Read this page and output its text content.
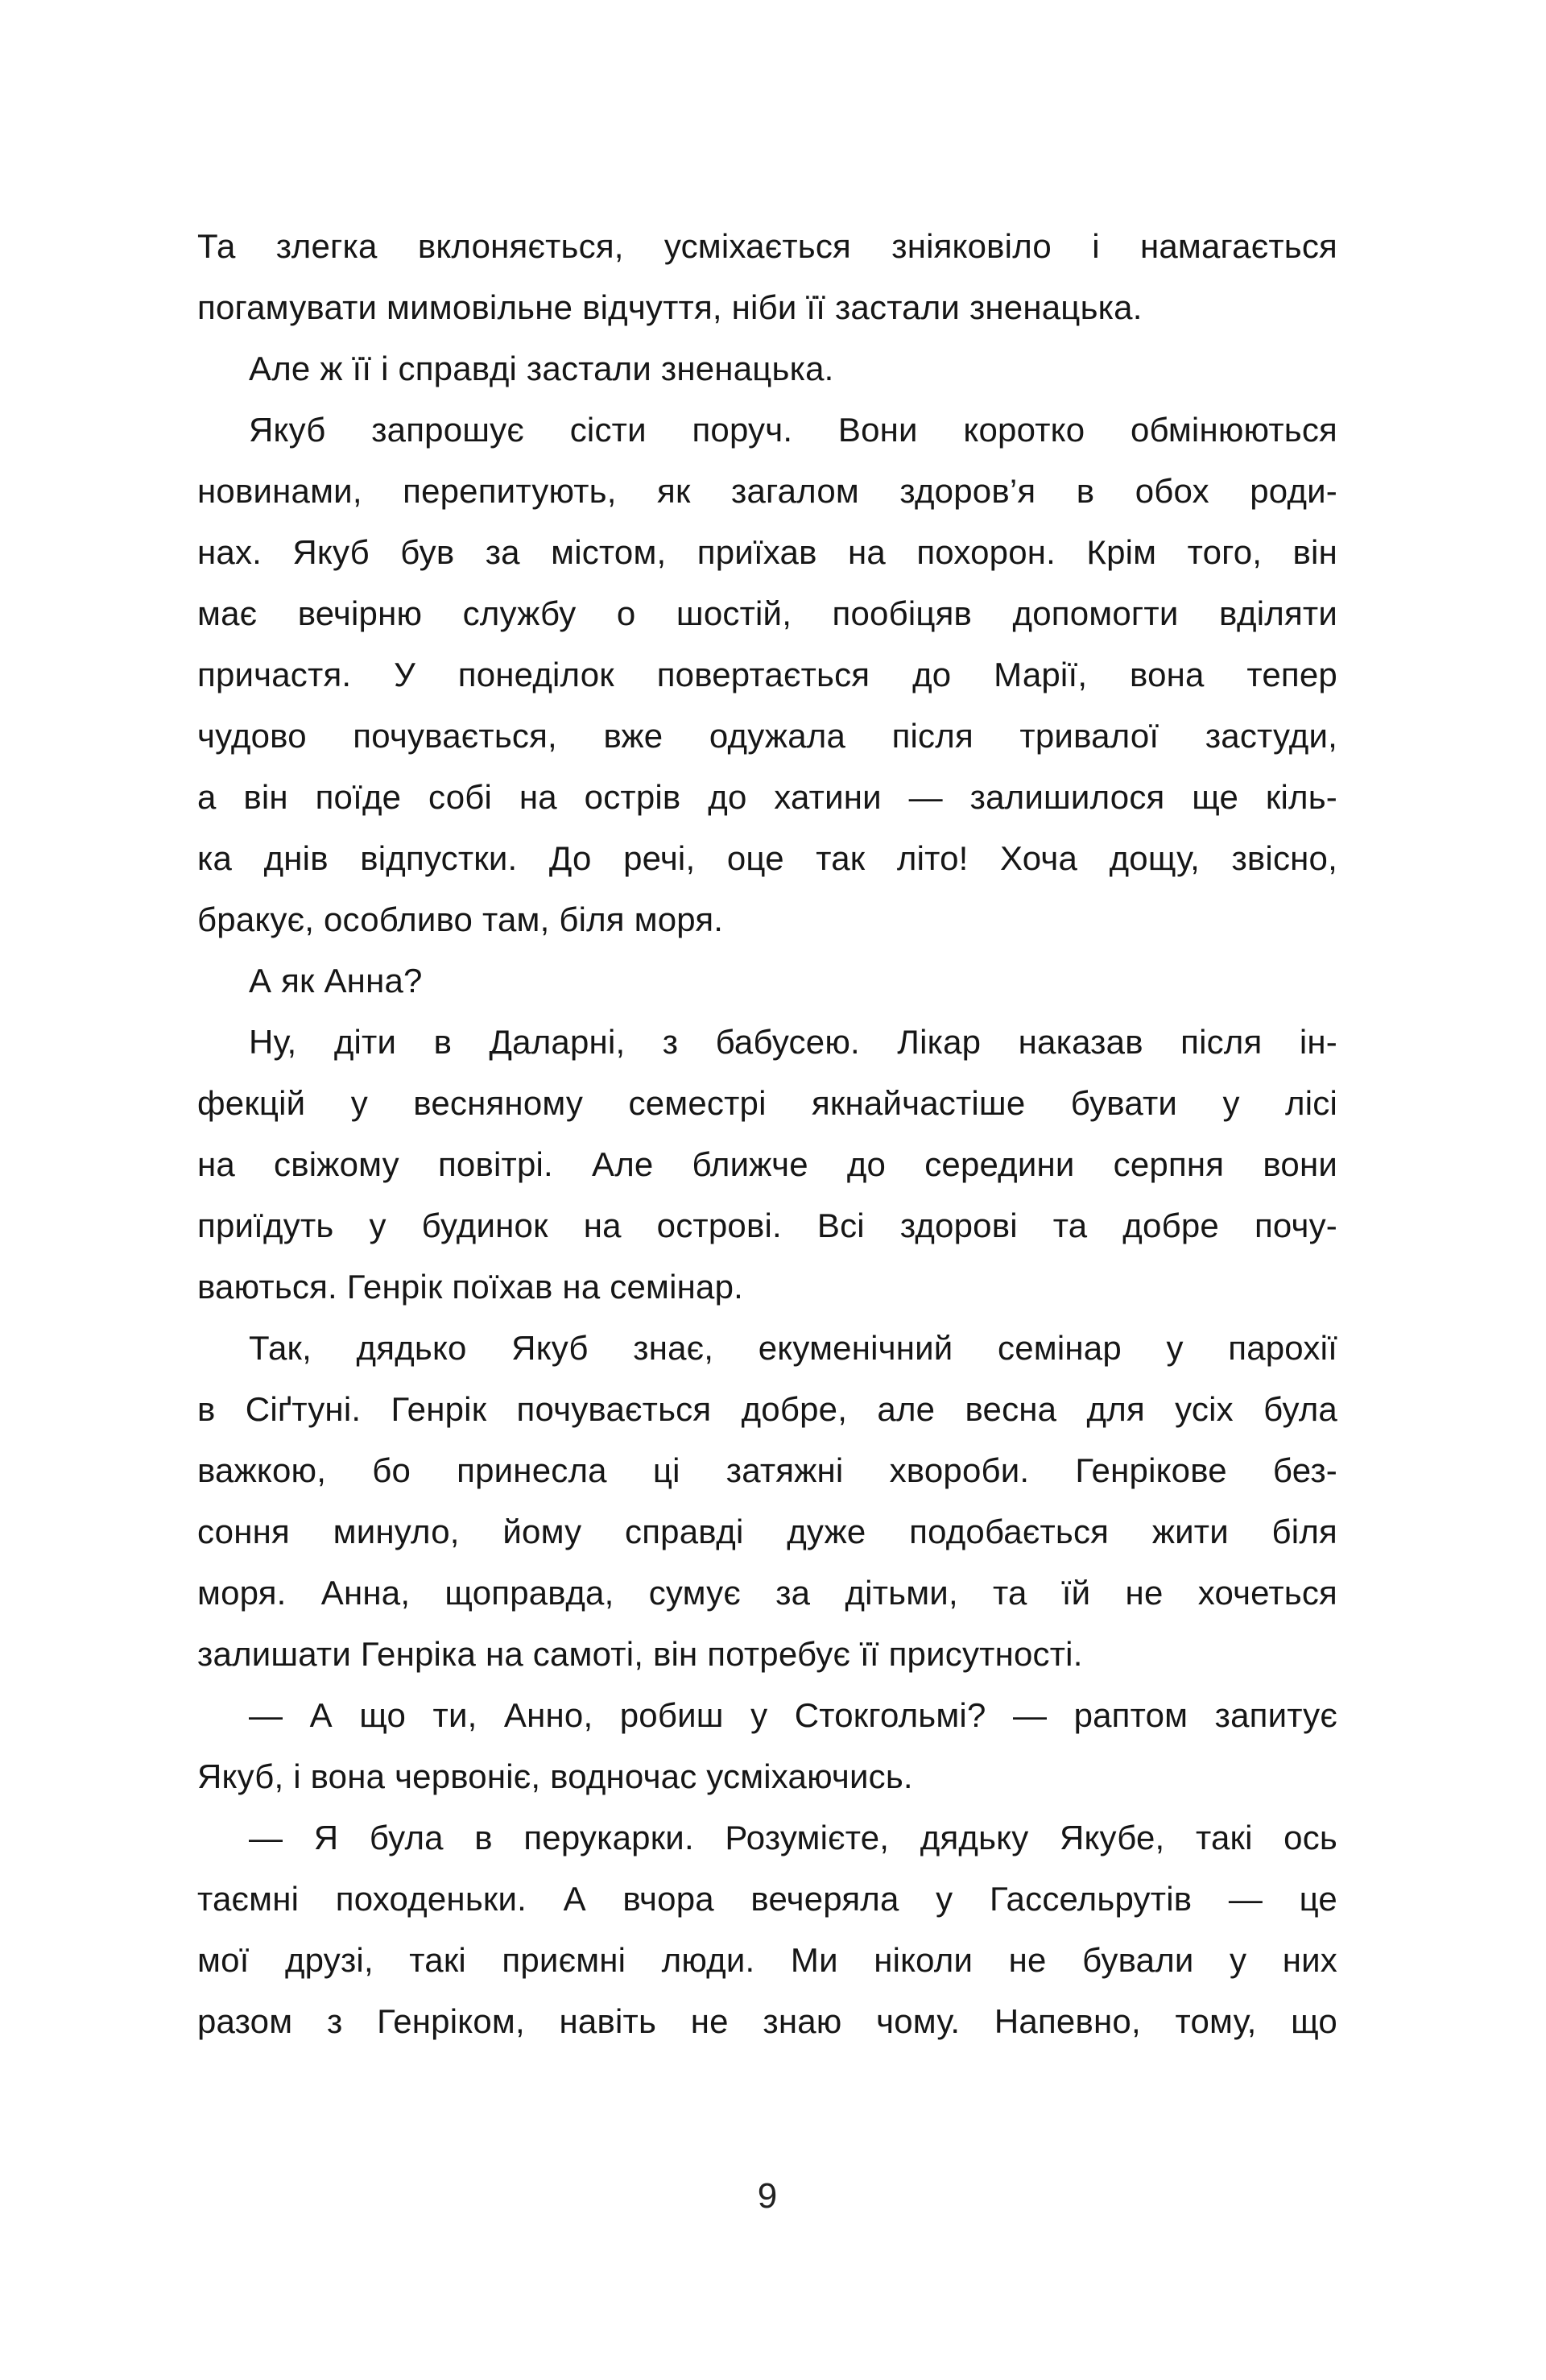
Та злегка вклоняється, усміхається зніяковіло і намагається
погамувати мимовільне відчуття, ніби її застали зненацька.
Але ж її і справді застали зненацька.
Якуб запрошує сісти поруч. Вони коротко обмінюються
новинами, перепитують, як загалом здоров’я в обох роди-
нах. Якуб був за містом, приїхав на похорон. Крім того, він
має вечірню службу о шостій, пообіцяв допомогти вділяти
причастя. У понеділок повертається до Марії, вона тепер
чудово почувається, вже одужала після тривалої застуди,
а він поїде собі на острів до хатини — залишилося ще кіль-
ка днів відпустки. До речі, оце так літо! Хоча дощу, звісно,
бракує, особливо там, біля моря.
А як Анна?
Ну, діти в Даларні, з бабусею. Лікар наказав після ін-
фекцій у весняному семестрі якнайчастіше бувати у лісі
на свіжому повітрі. Але ближче до середини серпня вони
приїдуть у будинок на острові. Всі здорові та добре почу-
ваються. Генрік поїхав на семінар.
Так, дядько Якуб знає, екуменічний семінар у парохії
в Сіґтуні. Генрік почувається добре, але весна для усіх була
важкою, бо принесла ці затяжні хвороби. Генрікове без-
соння минуло, йому справді дуже подобається жити біля
моря. Анна, щоправда, сумує за дітьми, та їй не хочеться
залишати Генріка на самоті, він потребує її присутності.
— А що ти, Анно, робиш у Стокгольмі? — раптом запитує
Якуб, і вона червоніє, водночас усміхаючись.
— Я була в перукарки. Розумієте, дядьку Якубе, такі ось
таємні походеньки. А вчора вечеряла у Гассельрутів — це
мої друзі, такі приємні люди. Ми ніколи не бували у них
разом з Генріком, навіть не знаю чому. Напевно, тому, що
9
